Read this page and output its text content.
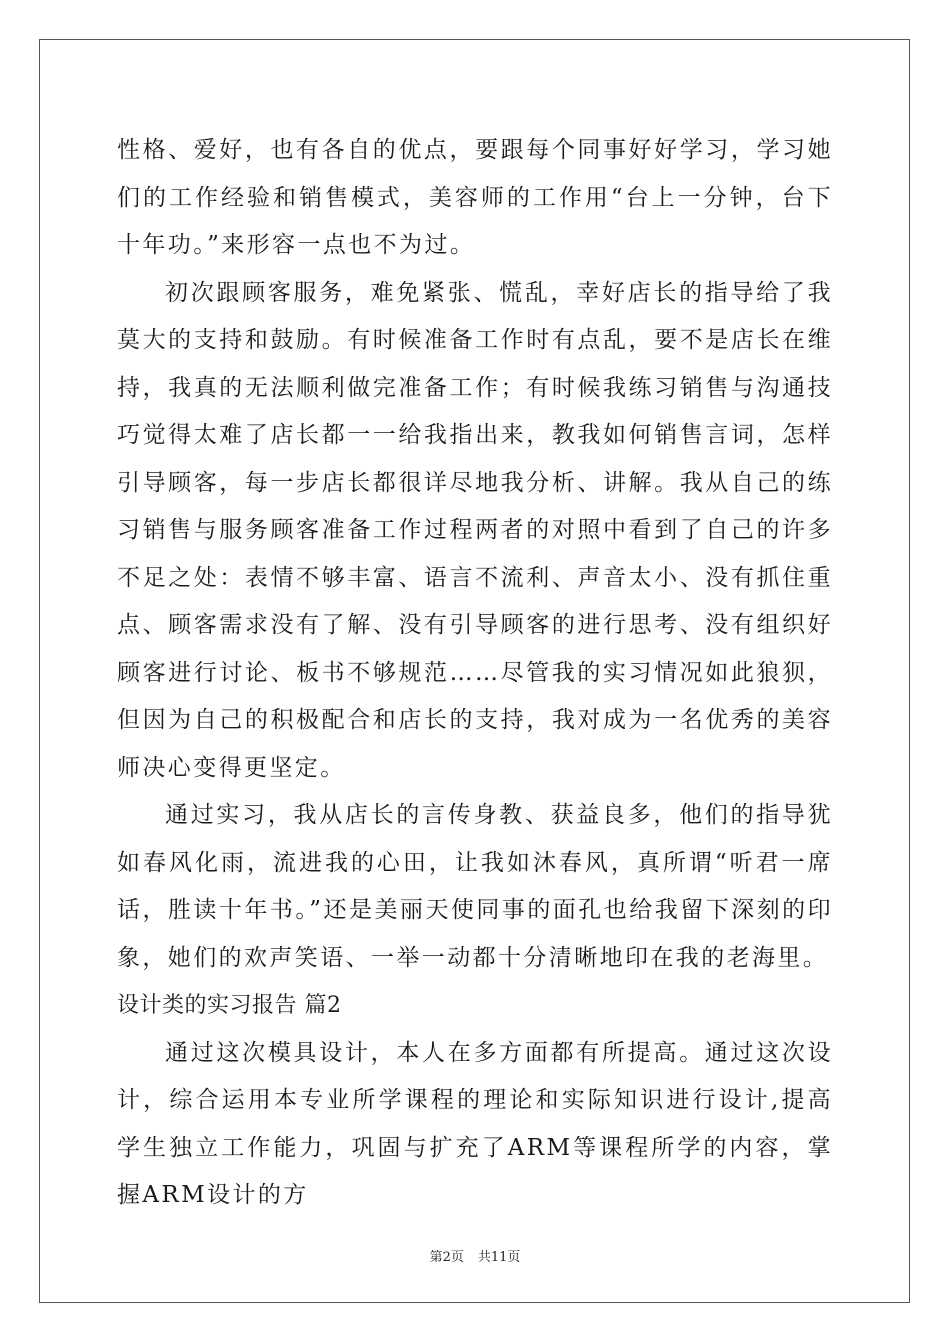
性格、爱好，也有各自的优点，要跟每个同事好好学习，学习她们的工作经验和销售模式，美容师的工作用“台上一分钟，台下十年功。”来形容一点也不为过。

初次跟顾客服务，难免紧张、慌乱，幸好店长的指导给了我莫大的支持和鼓励。有时候准备工作时有点乱，要不是店长在维持，我真的无法顺利做完准备工作；有时候我练习销售与沟通技巧觉得太难了店长都一一给我指出来，教我如何销售言词，怎样引导顾客，每一步店长都很详尽地我分析、讲解。我从自己的练习销售与服务顾客准备工作过程两者的对照中看到了自己的许多不足之处：表情不够丰富、语言不流利、声音太小、没有抓住重点、顾客需求没有了解、没有引导顾客的进行思考、没有组织好顾客进行讨论、板书不够规范……尽管我的实习情况如此狼狈，但因为自己的积极配合和店长的支持，我对成为一名优秀的美容师决心变得更坚定。

通过实习，我从店长的言传身教、获益良多，他们的指导犹如春风化雨，流进我的心田，让我如沐春风，真所谓“听君一席话，胜读十年书。”还是美丽天使同事的面孔也给我留下深刻的印象，她们的欢声笑语、一举一动都十分清晰地印在我的老海里。

设计类的实习报告 篇2

通过这次模具设计，本人在多方面都有所提高。通过这次设计，综合运用本专业所学课程的理论和实际知识进行设计,提高学生独立工作能力，巩固与扩充了ARM等课程所学的内容，掌握ARM设计的方

第2页 共11页
